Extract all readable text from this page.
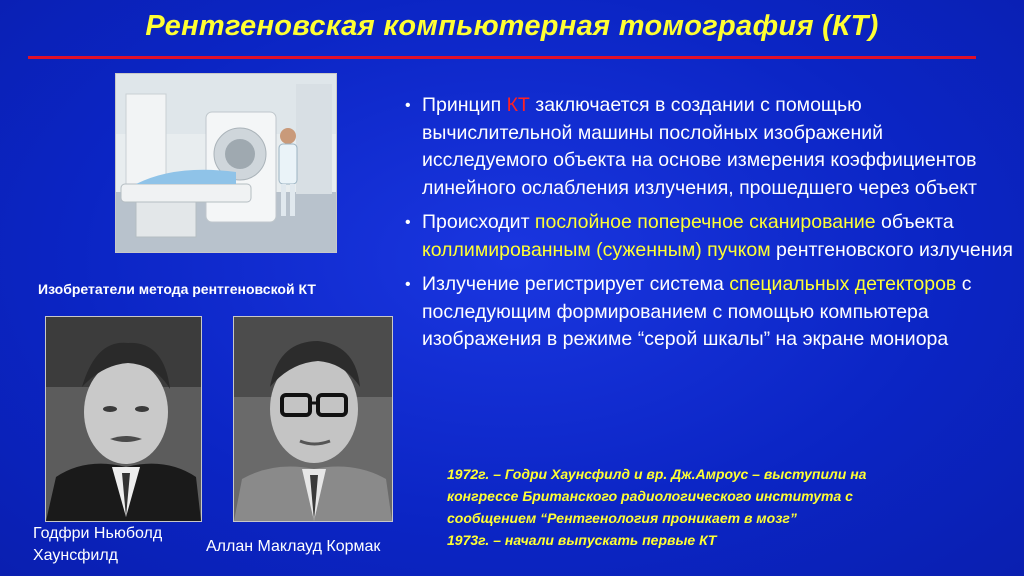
Рентгеновская компьютерная томография (КТ)
Изобретатели метода рентгеновской КТ
Годфри Ньюболд
Хаунсфилд
Аллан Маклауд Кормак
• Принцип КТ заключается в создании с помощью вычислительной машины послойных изображений исследуемого объекта на основе измерения коэффициентов линейного ослабления излучения, прошедшего через объект
• Происходит послойное поперечное сканирование объекта коллимированным (суженным) пучком рентгеновского излучения
• Излучение регистрирует система специальных детекторов с последующим формированием с помощью компьютера изображения в режиме “серой шкалы” на экране мониора
1972г. – Годри Хаунсфилд и вр. Дж.Амроус – выступили на
конгрессе Британского радиологического института с
сообщением “Рентгенология проникает в мозг”
1973г. – начали выпускать первые КТ
